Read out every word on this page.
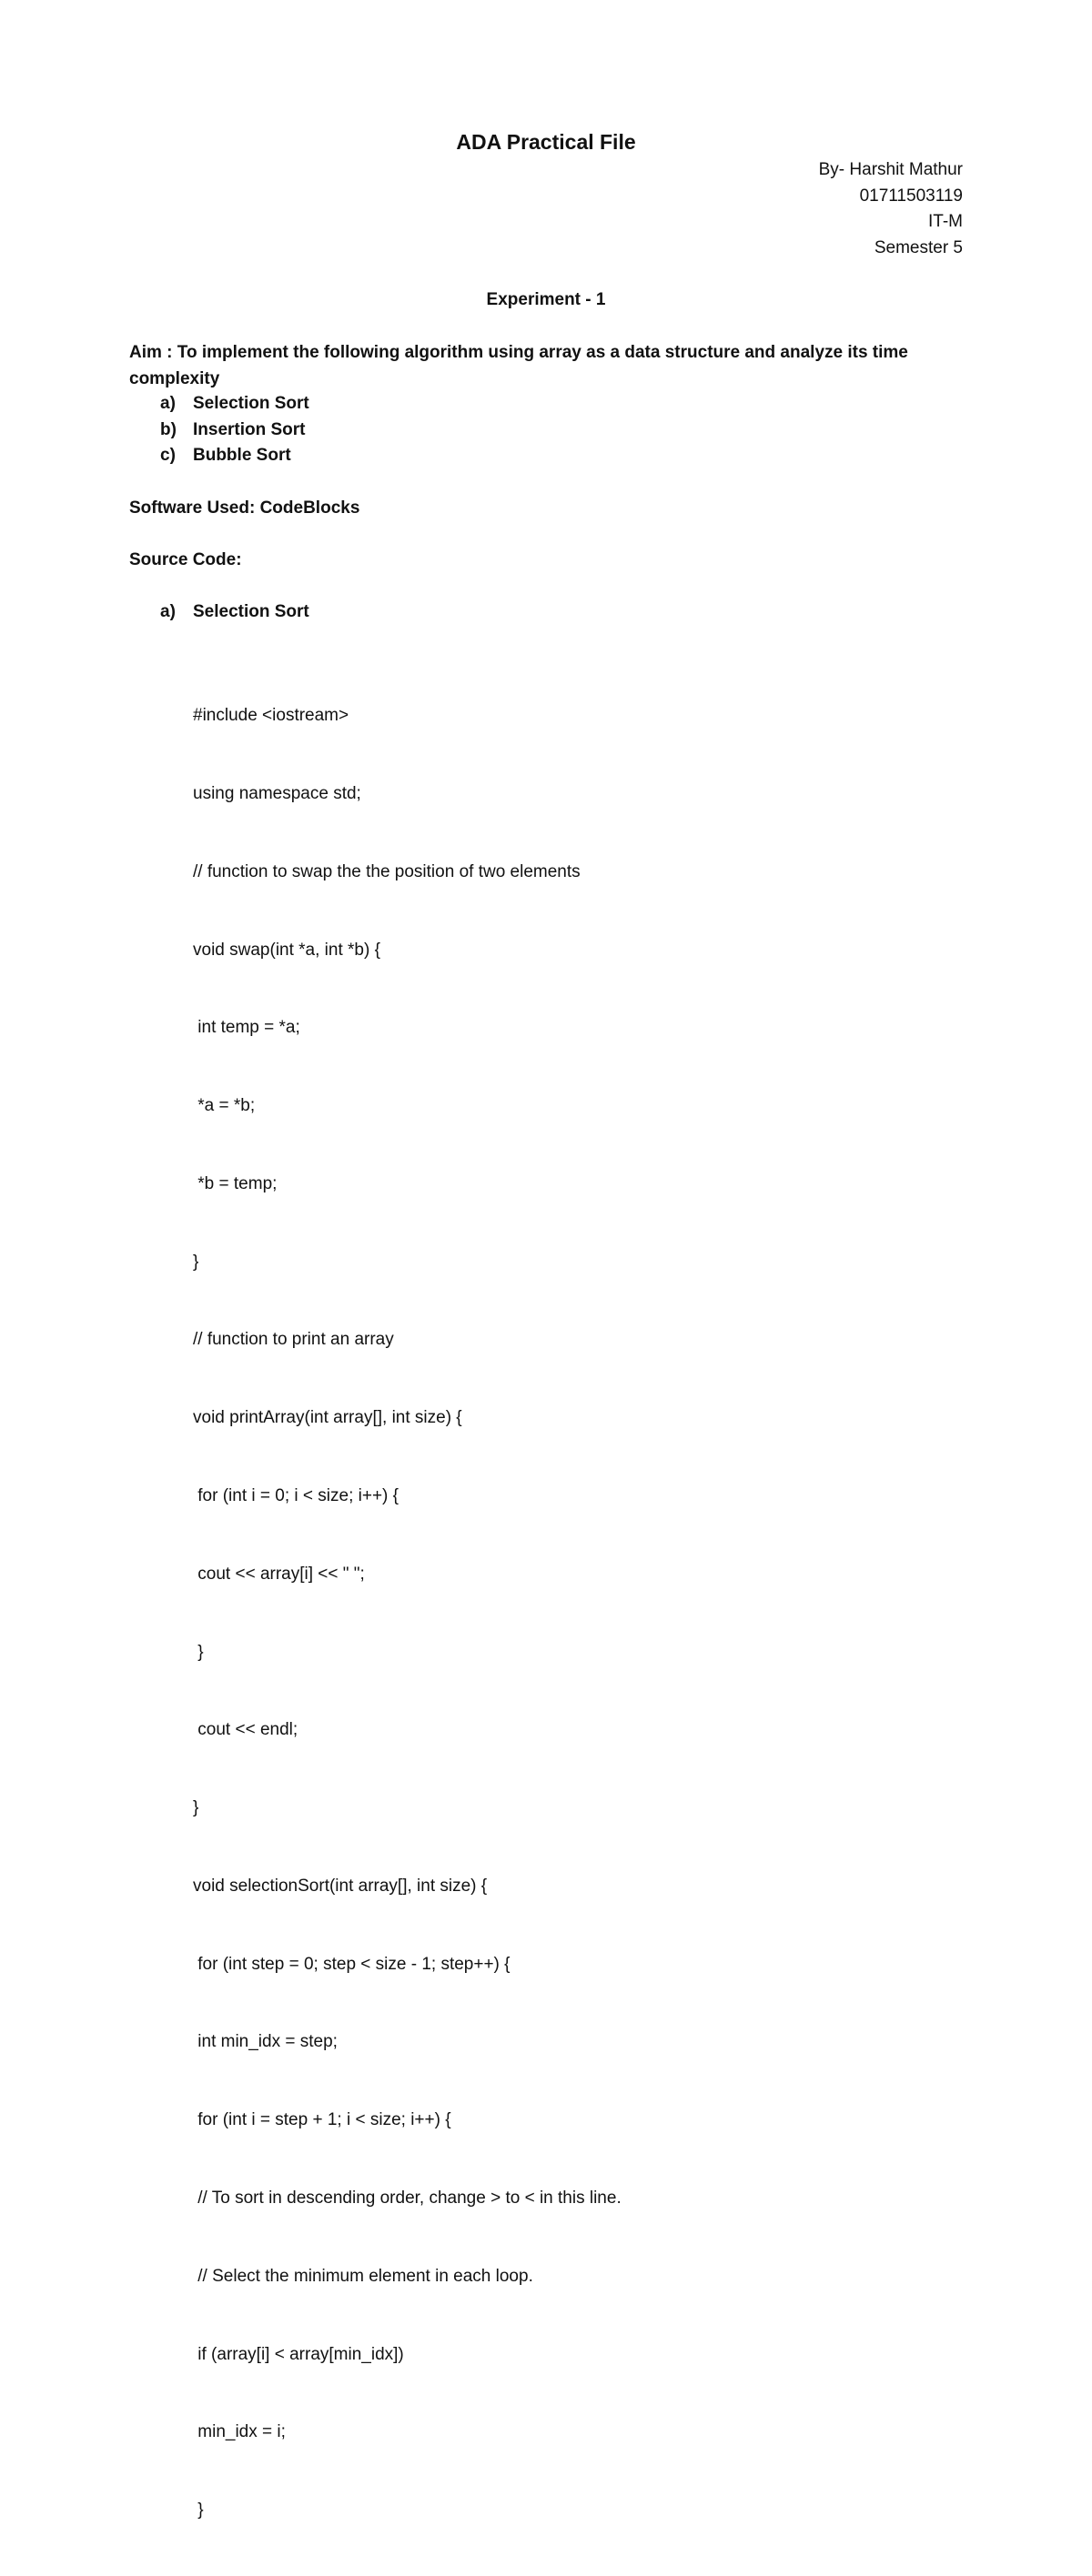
ADA Practical File
By- Harshit Mathur
01711503119
IT-M
Semester 5
Experiment - 1
Aim : To implement the following algorithm using array as a data structure and analyze its time complexity
a) Selection Sort
b) Insertion Sort
c) Bubble Sort
Software Used: CodeBlocks
Source Code:
a) Selection Sort

#include <iostream>

using namespace std;

// function to swap the the position of two elements

void swap(int *a, int *b) {

int temp = *a;

*a = *b;

*b = temp;

}

// function to print an array

void printArray(int array[], int size) {

for (int i = 0; i < size; i++) {

cout << array[i] << " ";

}

cout << endl;

}

void selectionSort(int array[], int size) {

for (int step = 0; step < size - 1; step++) {

int min_idx = step;

for (int i = step + 1; i < size; i++) {

// To sort in descending order, change > to < in this line.

// Select the minimum element in each loop.

if (array[i] < array[min_idx])

min_idx = i;

}
